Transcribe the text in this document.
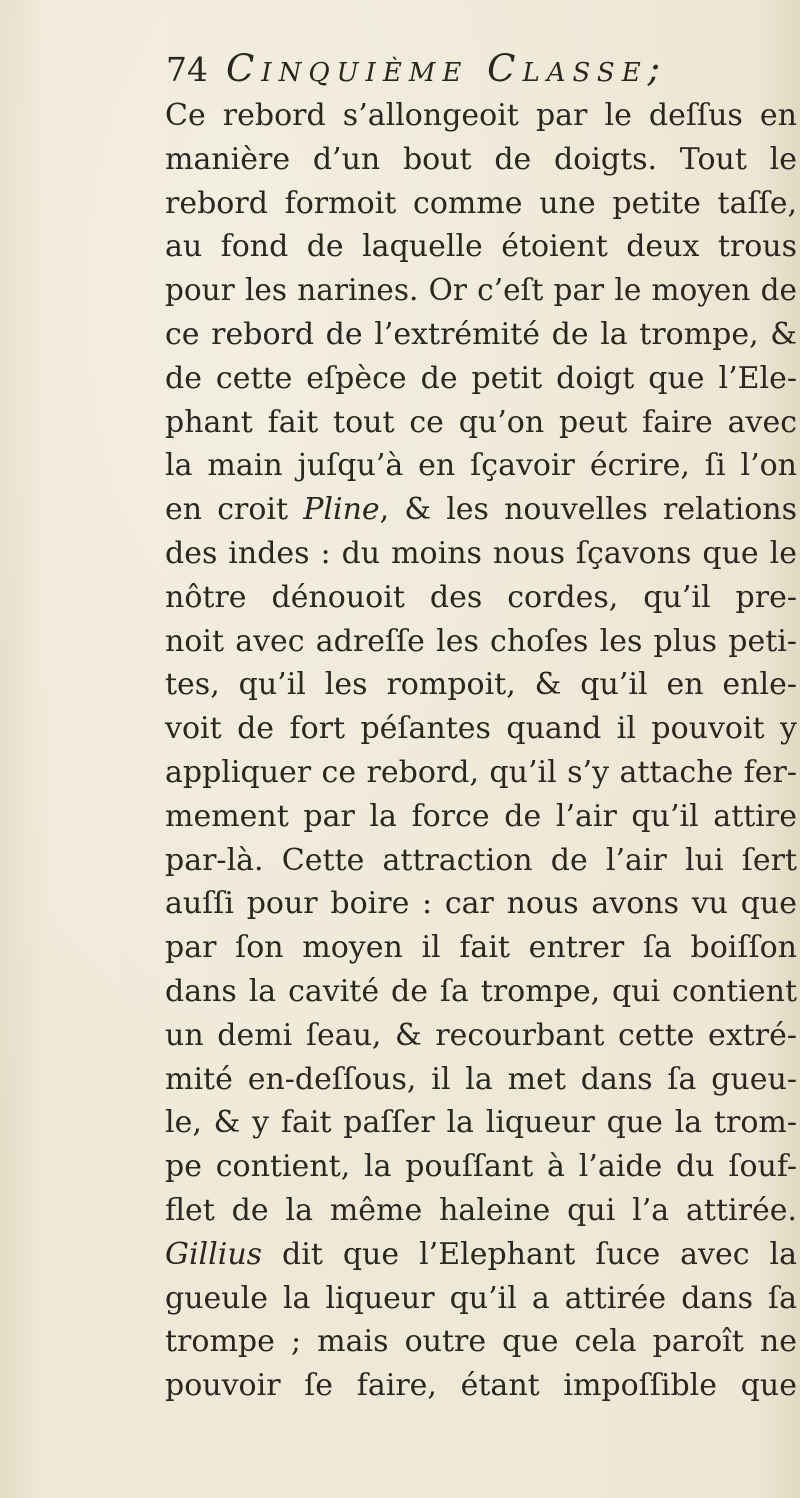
74 Cinquième Classe;
Ce rebord s’allongeoit par le deſſus en
manière d’un bout de doigts. Tout le
rebord formoit comme une petite taſſe,
au fond de laquelle étoient deux trous
pour les narines. Or c’eſt par le moyen de
ce rebord de l’extrémité de la trompe, &
de cette eſpèce de petit doigt que l’Ele-
phant fait tout ce qu’on peut faire avec
la main juſqu’à en ſçavoir écrire, ſi l’on
en croit Pline, & les nouvelles relations
des indes : du moins nous ſçavons que le
nôtre dénouoit des cordes, qu’il pre-
noit avec adreſſe les choſes les plus peti-
tes, qu’il les rompoit, & qu’il en enle-
voit de fort péſantes quand il pouvoit y
appliquer ce rebord, qu’il s’y attache fer-
mement par la force de l’air qu’il attire
par-là. Cette attraction de l’air lui ſert
auſſi pour boire : car nous avons vu que
par ſon moyen il fait entrer ſa boiſſon
dans la cavité de ſa trompe, qui contient
un demi ſeau, & recourbant cette extré-
mité en-deſſous, il la met dans ſa gueu-
le, & y fait paſſer la liqueur que la trom-
pe contient, la pouſſant à l’aide du ſouf-
flet de la même haleine qui l’a attirée.
Gillius dit que l’Elephant ſuce avec la
gueule la liqueur qu’il a attirée dans ſa
trompe ; mais outre que cela paroît ne
pouvoir ſe faire, étant impoſſible que
